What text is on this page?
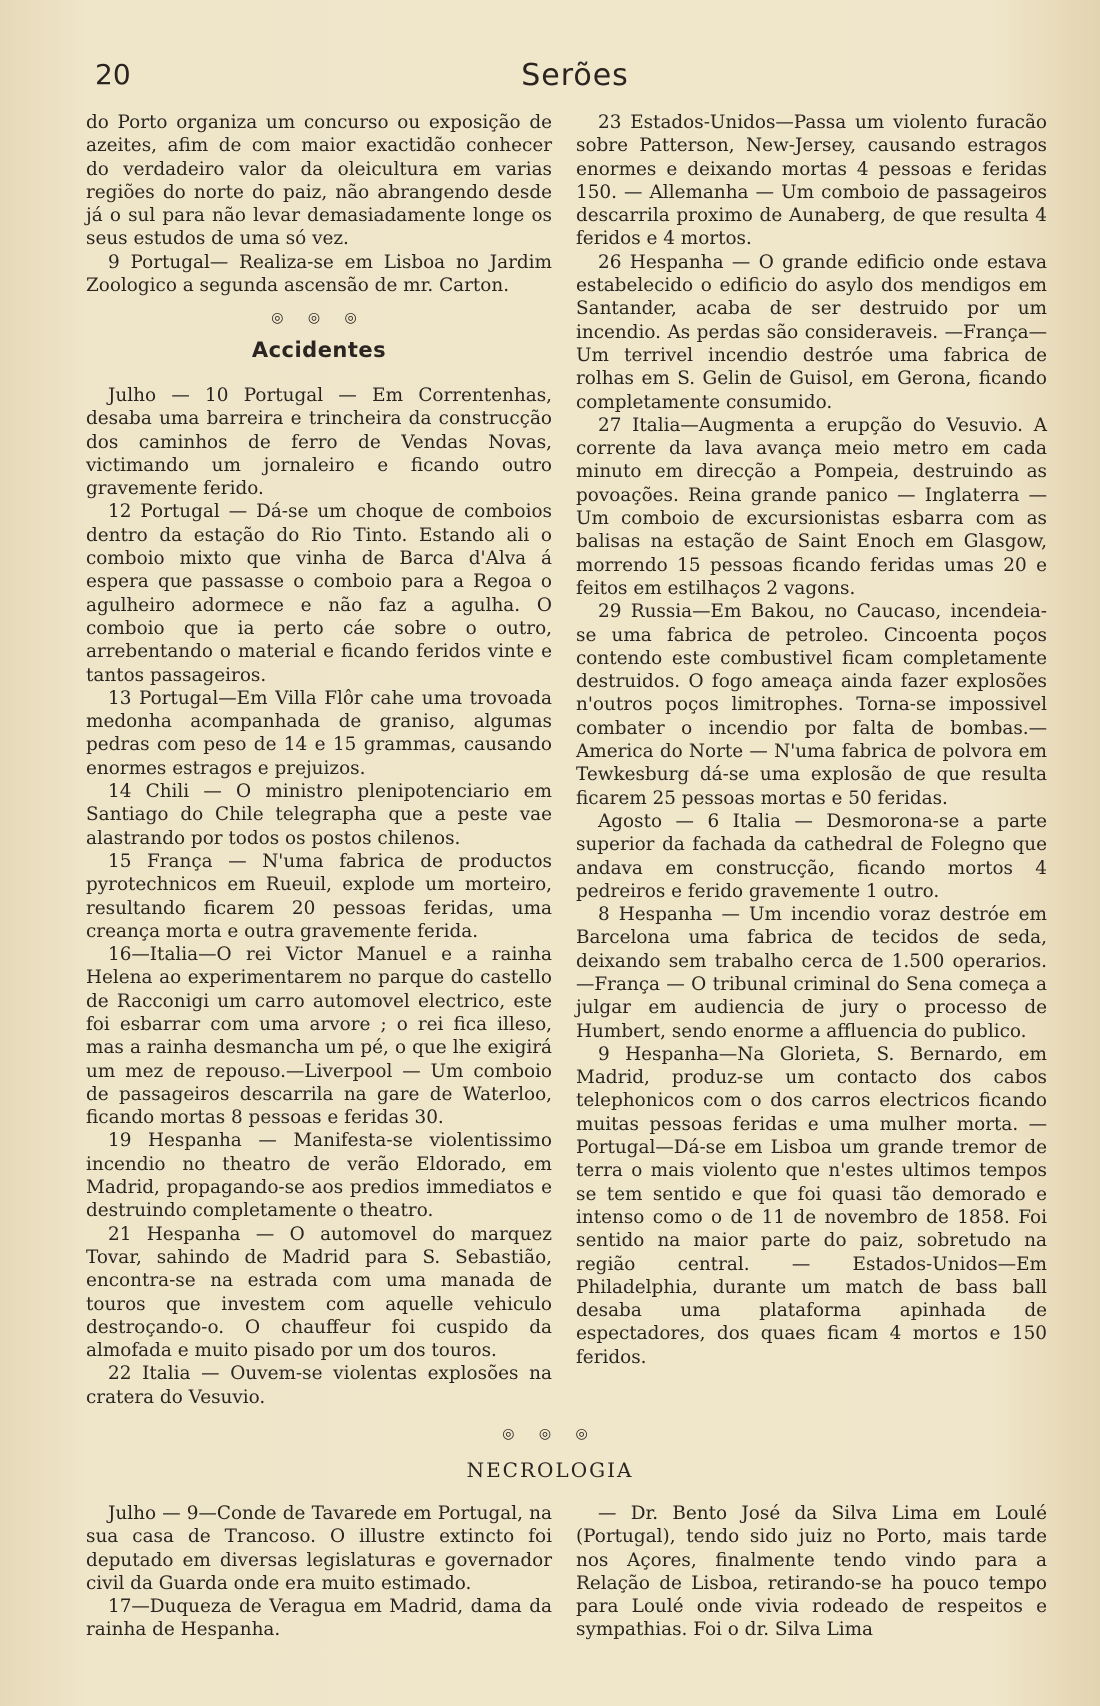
20	Serões

do Porto organiza um concurso ou exposição de azeites, afim de com maior exactidão conhecer do verdadeiro valor da oleicultura em varias regiões do norte do paiz, não abrangendo desde já o sul para não levar demasiadamente longe os seus estudos de uma só vez.

9 Portugal— Realiza-se em Lisboa no Jardim Zoologico a segunda ascensão de mr. Carton.

◎ ◎ ◎
Accidentes

Julho — 10 Portugal — Em Correntenhas, desaba uma barreira e trincheira da construcção dos caminhos de ferro de Vendas Novas, victimando um jornaleiro e ficando outro gravemente ferido.

12 Portugal — Dá-se um choque de comboios dentro da estação do Rio Tinto. Estando ali o comboio mixto que vinha de Barca d'Alva á espera que passasse o comboio para a Regoa o agulheiro adormece e não faz a agulha. O comboio que ia perto cáe sobre o outro, arrebentando o material e ficando feridos vinte e tantos passageiros.

13 Portugal—Em Villa Flôr cahe uma trovoada medonha acompanhada de graniso, algumas pedras com peso de 14 e 15 grammas, causando enormes estragos e prejuizos.

14 Chili — O ministro plenipotenciario em Santiago do Chile telegrapha que a peste vae alastrando por todos os postos chilenos.

15 França — N'uma fabrica de productos pyrotechnicos em Rueuil, explode um morteiro, resultando ficarem 20 pessoas feridas, uma creança morta e outra gravemente ferida.

16—Italia—O rei Victor Manuel e a rainha Helena ao experimentarem no parque do castello de Racconigi um carro automovel electrico, este foi esbarrar com uma arvore ; o rei fica illeso, mas a rainha desmancha um pé, o que lhe exigirá um mez de repouso.—Liverpool — Um comboio de passageiros descarrila na gare de Waterloo, ficando mortas 8 pessoas e feridas 30.

19 Hespanha — Manifesta-se violentissimo incendio no theatro de verão Eldorado, em Madrid, propagando-se aos predios immediatos e destruindo completamente o theatro.

21 Hespanha — O automovel do marquez Tovar, sahindo de Madrid para S. Sebastião, encontra-se na estrada com uma manada de touros que investem com aquelle vehiculo destroçando-o. O chauffeur foi cuspido da almofada e muito pisado por um dos touros.

22 Italia — Ouvem-se violentas explosões na cratera do Vesuvio.

23 Estados-Unidos—Passa um violento furacão sobre Patterson, New-Jersey, causando estragos enormes e deixando mortas 4 pessoas e feridas 150. — Allemanha — Um comboio de passageiros descarrila proximo de Aunaberg, de que resulta 4 feridos e 4 mortos.

26 Hespanha — O grande edificio onde estava estabelecido o edificio do asylo dos mendigos em Santander, acaba de ser destruido por um incendio. As perdas são consideraveis. —França—Um terrivel incendio destróe uma fabrica de rolhas em S. Gelin de Guisol, em Gerona, ficando completamente consumido.

27 Italia—Augmenta a erupção do Vesuvio. A corrente da lava avança meio metro em cada minuto em direcção a Pompeia, destruindo as povoações. Reina grande panico — Inglaterra — Um comboio de excursionistas esbarra com as balisas na estação de Saint Enoch em Glasgow, morrendo 15 pessoas ficando feridas umas 20 e feitos em estilhaços 2 vagons.

29 Russia—Em Bakou, no Caucaso, incendeia-se uma fabrica de petroleo. Cincoenta poços contendo este combustivel ficam completamente destruidos. O fogo ameaça ainda fazer explosões n'outros poços limitrophes. Torna-se impossivel combater o incendio por falta de bombas.—America do Norte — N'uma fabrica de polvora em Tewkesburg dá-se uma explosão de que resulta ficarem 25 pessoas mortas e 50 feridas.

Agosto — 6 Italia — Desmorona-se a parte superior da fachada da cathedral de Folegno que andava em construcção, ficando mortos 4 pedreiros e ferido gravemente 1 outro.

8 Hespanha — Um incendio voraz destróe em Barcelona uma fabrica de tecidos de seda, deixando sem trabalho cerca de 1.500 operarios. —França — O tribunal criminal do Sena começa a julgar em audiencia de jury o processo de Humbert, sendo enorme a affluencia do publico.

9 Hespanha—Na Glorieta, S. Bernardo, em Madrid, produz-se um contacto dos cabos telephonicos com o dos carros electricos ficando muitas pessoas feridas e uma mulher morta. —Portugal—Dá-se em Lisboa um grande tremor de terra o mais violento que n'estes ultimos tempos se tem sentido e que foi quasi tão demorado e intenso como o de 11 de novembro de 1858. Foi sentido na maior parte do paiz, sobretudo na região central. — Estados-Unidos—Em Philadelphia, durante um match de bass ball desaba uma plataforma apinhada de espectadores, dos quaes ficam 4 mortos e 150 feridos.

◎ ◎ ◎
NECROLOGIA

Julho — 9—Conde de Tavarede em Portugal, na sua casa de Trancoso. O illustre extincto foi deputado em diversas legislaturas e governador civil da Guarda onde era muito estimado.

17—Duqueza de Veragua em Madrid, dama da rainha de Hespanha.

— Dr. Bento José da Silva Lima em Loulé (Portugal), tendo sido juiz no Porto, mais tarde nos Açores, finalmente tendo vindo para a Relação de Lisboa, retirando-se ha pouco tempo para Loulé onde vivia rodeado de respeitos e sympathias. Foi o dr. Silva Lima
